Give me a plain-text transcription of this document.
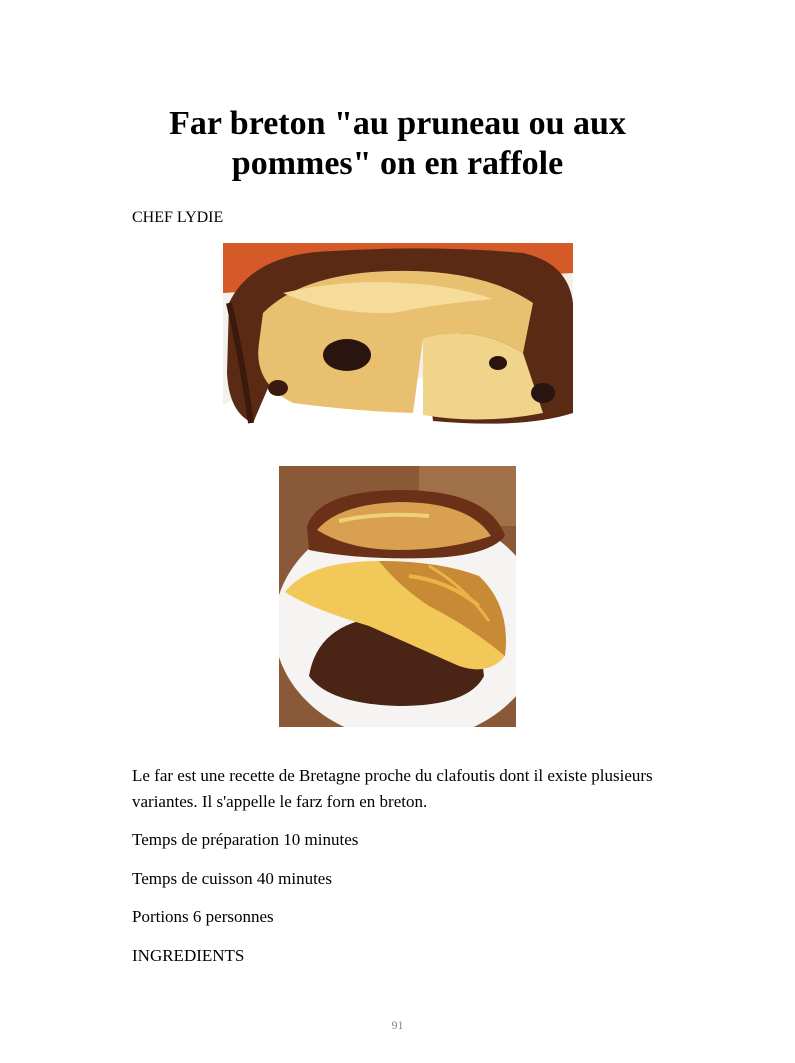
Far breton "au pruneau ou aux pommes" on en raffole
CHEF LYDIE

Le far est une recette de Bretagne proche du clafoutis dont il existe plusieurs variantes. Il s'appelle le farz forn en breton.

Temps de préparation 10 minutes

Temps de cuisson 40 minutes

Portions 6 personnes

INGREDIENTS

91
